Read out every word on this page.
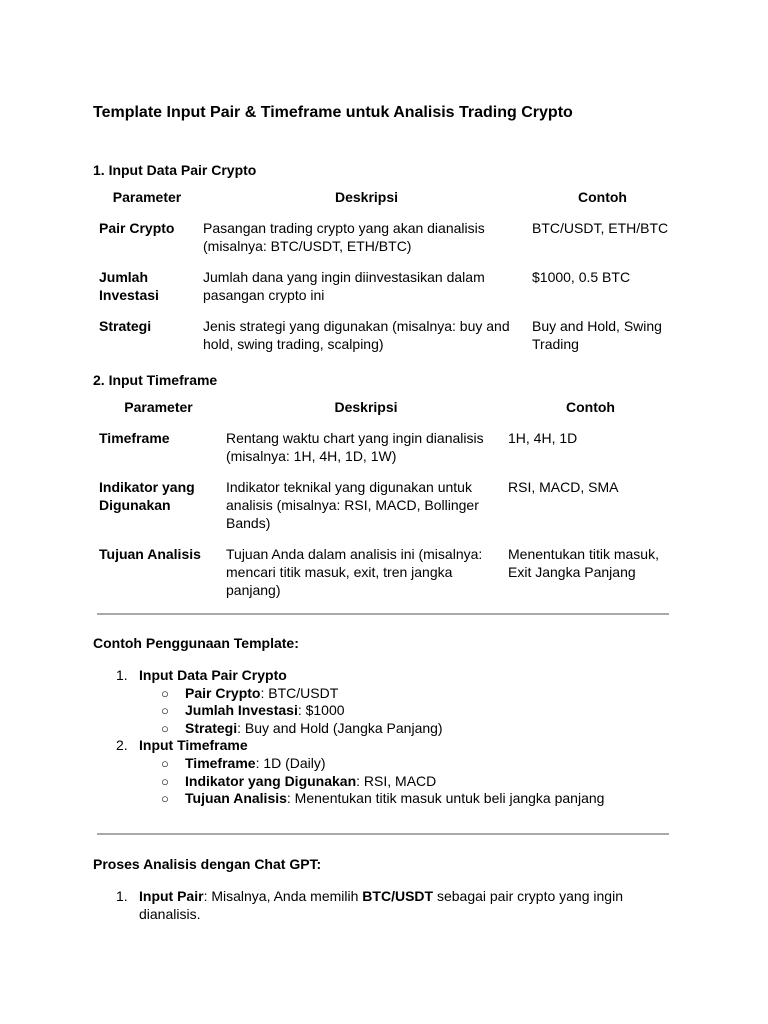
Template Input Pair & Timeframe untuk Analisis Trading Crypto
1. Input Data Pair Crypto
Parameter	Deskripsi	Contoh

Pair Crypto	Pasangan trading crypto yang akan dianalisis (misalnya: BTC/USDT, ETH/BTC)	BTC/USDT, ETH/BTC

Jumlah Investasi	Jumlah dana yang ingin diinvestasikan dalam pasangan crypto ini	$1000, 0.5 BTC

Strategi	Jenis strategi yang digunakan (misalnya: buy and hold, swing trading, scalping)	Buy and Hold, Swing Trading
2. Input Timeframe
Parameter	Deskripsi	Contoh

Timeframe	Rentang waktu chart yang ingin dianalisis (misalnya: 1H, 4H, 1D, 1W)	1H, 4H, 1D

Indikator yang Digunakan	Indikator teknikal yang digunakan untuk analisis (misalnya: RSI, MACD, Bollinger Bands)	RSI, MACD, SMA

Tujuan Analisis	Tujuan Anda dalam analisis ini (misalnya: mencari titik masuk, exit, tren jangka panjang)	Menentukan titik masuk, Exit Jangka Panjang
Contoh Penggunaan Template:
1. Input Data Pair Crypto
○ Pair Crypto: BTC/USDT
○ Jumlah Investasi: $1000
○ Strategi: Buy and Hold (Jangka Panjang)
2. Input Timeframe
○ Timeframe: 1D (Daily)
○ Indikator yang Digunakan: RSI, MACD
○ Tujuan Analisis: Menentukan titik masuk untuk beli jangka panjang
Proses Analisis dengan Chat GPT:
1. Input Pair: Misalnya, Anda memilih BTC/USDT sebagai pair crypto yang ingin dianalisis.
